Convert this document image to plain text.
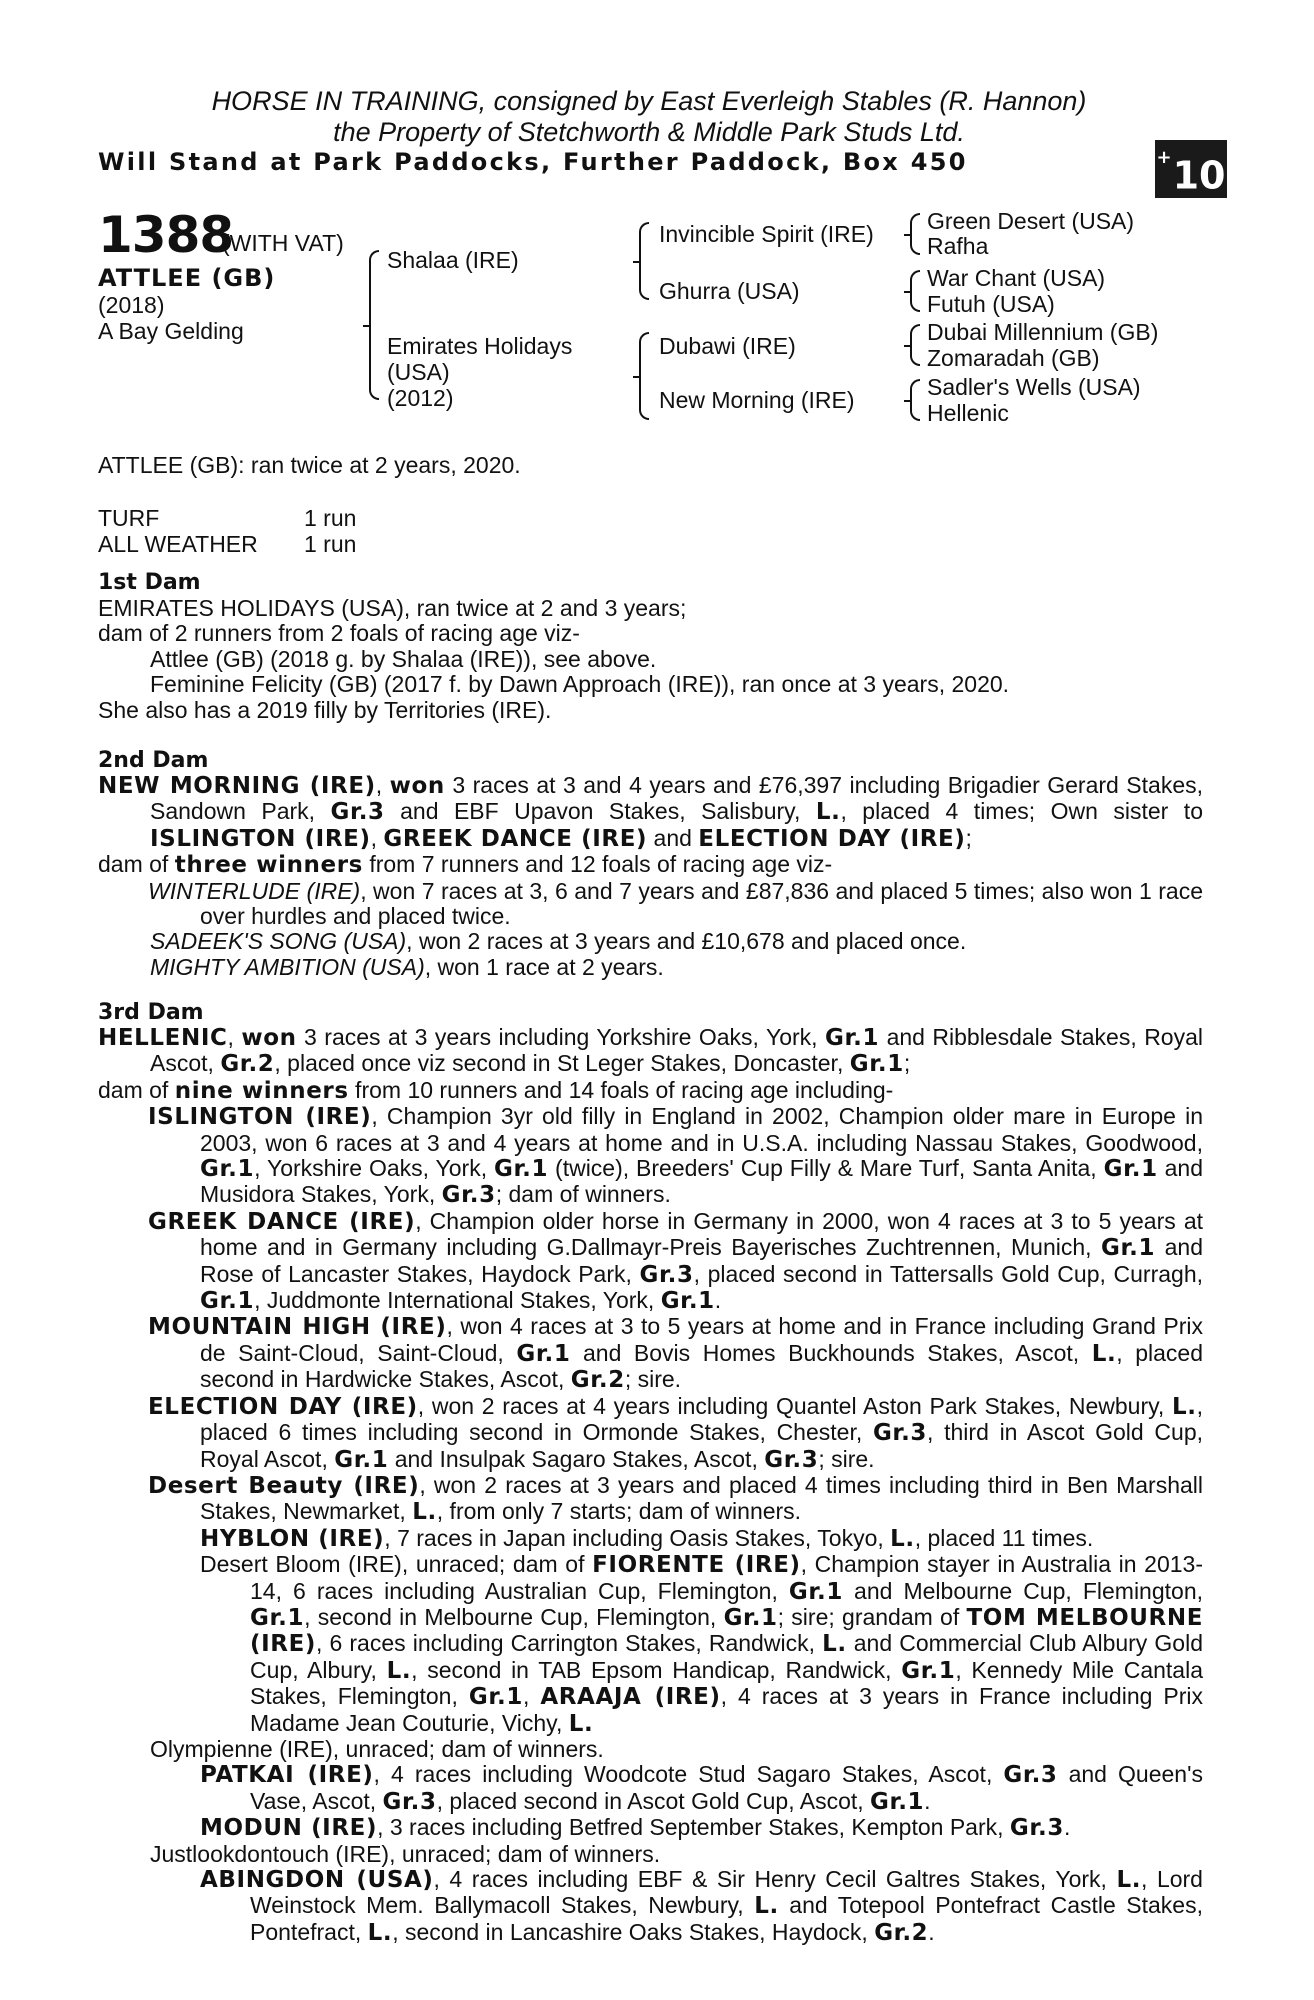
HORSE IN TRAINING, consigned by East Everleigh Stables (R. Hannon)
the Property of Stetchworth & Middle Park Studs Ltd.
Will Stand at Park Paddocks, Further Paddock, Box 450	+10
1388
(WITH VAT)
ATTLEE (GB)
(2018)
A Bay Gelding
Shalaa (IRE)
Emirates Holidays
(USA)
(2012)
Invincible Spirit (IRE)
Ghurra (USA)
Dubawi (IRE)
New Morning (IRE)
Green Desert (USA)
Rafha
War Chant (USA)
Futuh (USA)
Dubai Millennium (GB)
Zomaradah (GB)
Sadler's Wells (USA)
Hellenic
ATTLEE (GB): ran twice at 2 years, 2020.
TURF	1 run
ALL WEATHER 1 run
1st Dam

EMIRATES HOLIDAYS (USA), ran twice at 2 and 3 years;

dam of 2 runners from 2 foals of racing age viz-

Attlee (GB) (2018 g. by Shalaa (IRE)), see above.

Feminine Felicity (GB) (2017 f. by Dawn Approach (IRE)), ran once at 3 years, 2020.

She also has a 2019 filly by Territories (IRE).

2nd Dam

NEW MORNING (IRE), won 3 races at 3 and 4 years and £76,397 including Brigadier Gerard Stakes, Sandown Park, Gr.3 and EBF Upavon Stakes, Salisbury, L., placed 4 times; Own sister to ISLINGTON (IRE), GREEK DANCE (IRE) and ELECTION DAY (IRE);

dam of three winners from 7 runners and 12 foals of racing age viz-

WINTERLUDE (IRE), won 7 races at 3, 6 and 7 years and £87,836 and placed 5 times; also won 1 race over hurdles and placed twice.

SADEEK'S SONG (USA), won 2 races at 3 years and £10,678 and placed once.

MIGHTY AMBITION (USA), won 1 race at 2 years.

3rd Dam

HELLENIC, won 3 races at 3 years including Yorkshire Oaks, York, Gr.1 and Ribblesdale Stakes, Royal Ascot, Gr.2, placed once viz second in St Leger Stakes, Doncaster, Gr.1;

dam of nine winners from 10 runners and 14 foals of racing age including-

ISLINGTON (IRE), Champion 3yr old filly in England in 2002, Champion older mare in Europe in 2003, won 6 races at 3 and 4 years at home and in U.S.A. including Nassau Stakes, Goodwood, Gr.1, Yorkshire Oaks, York, Gr.1 (twice), Breeders' Cup Filly & Mare Turf, Santa Anita, Gr.1 and Musidora Stakes, York, Gr.3; dam of winners.

GREEK DANCE (IRE), Champion older horse in Germany in 2000, won 4 races at 3 to 5 years at home and in Germany including G.Dallmayr-Preis Bayerisches Zuchtrennen, Munich, Gr.1 and Rose of Lancaster Stakes, Haydock Park, Gr.3, placed second in Tattersalls Gold Cup, Curragh, Gr.1, Juddmonte International Stakes, York, Gr.1.

MOUNTAIN HIGH (IRE), won 4 races at 3 to 5 years at home and in France including Grand Prix de Saint-Cloud, Saint-Cloud, Gr.1 and Bovis Homes Buckhounds Stakes, Ascot, L., placed second in Hardwicke Stakes, Ascot, Gr.2; sire.

ELECTION DAY (IRE), won 2 races at 4 years including Quantel Aston Park Stakes, Newbury, L., placed 6 times including second in Ormonde Stakes, Chester, Gr.3, third in Ascot Gold Cup, Royal Ascot, Gr.1 and Insulpak Sagaro Stakes, Ascot, Gr.3; sire.

Desert Beauty (IRE), won 2 races at 3 years and placed 4 times including third in Ben Marshall Stakes, Newmarket, L., from only 7 starts; dam of winners.

HYBLON (IRE), 7 races in Japan including Oasis Stakes, Tokyo, L., placed 11 times.

Desert Bloom (IRE), unraced; dam of FIORENTE (IRE), Champion stayer in Australia in 2013-14, 6 races including Australian Cup, Flemington, Gr.1 and Melbourne Cup, Flemington, Gr.1, second in Melbourne Cup, Flemington, Gr.1; sire; grandam of TOM MELBOURNE (IRE), 6 races including Carrington Stakes, Randwick, L. and Commercial Club Albury Gold Cup, Albury, L., second in TAB Epsom Handicap, Randwick, Gr.1, Kennedy Mile Cantala Stakes, Flemington, Gr.1, ARAAJA (IRE), 4 races at 3 years in France including Prix Madame Jean Couturie, Vichy, L.

Olympienne (IRE), unraced; dam of winners.

PATKAI (IRE), 4 races including Woodcote Stud Sagaro Stakes, Ascot, Gr.3 and Queen's Vase, Ascot, Gr.3, placed second in Ascot Gold Cup, Ascot, Gr.1.

MODUN (IRE), 3 races including Betfred September Stakes, Kempton Park, Gr.3.

Justlookdontouch (IRE), unraced; dam of winners.

ABINGDON (USA), 4 races including EBF & Sir Henry Cecil Galtres Stakes, York, L., Lord Weinstock Mem. Ballymacoll Stakes, Newbury, L. and Totepool Pontefract Castle Stakes, Pontefract, L., second in Lancashire Oaks Stakes, Haydock, Gr.2.
